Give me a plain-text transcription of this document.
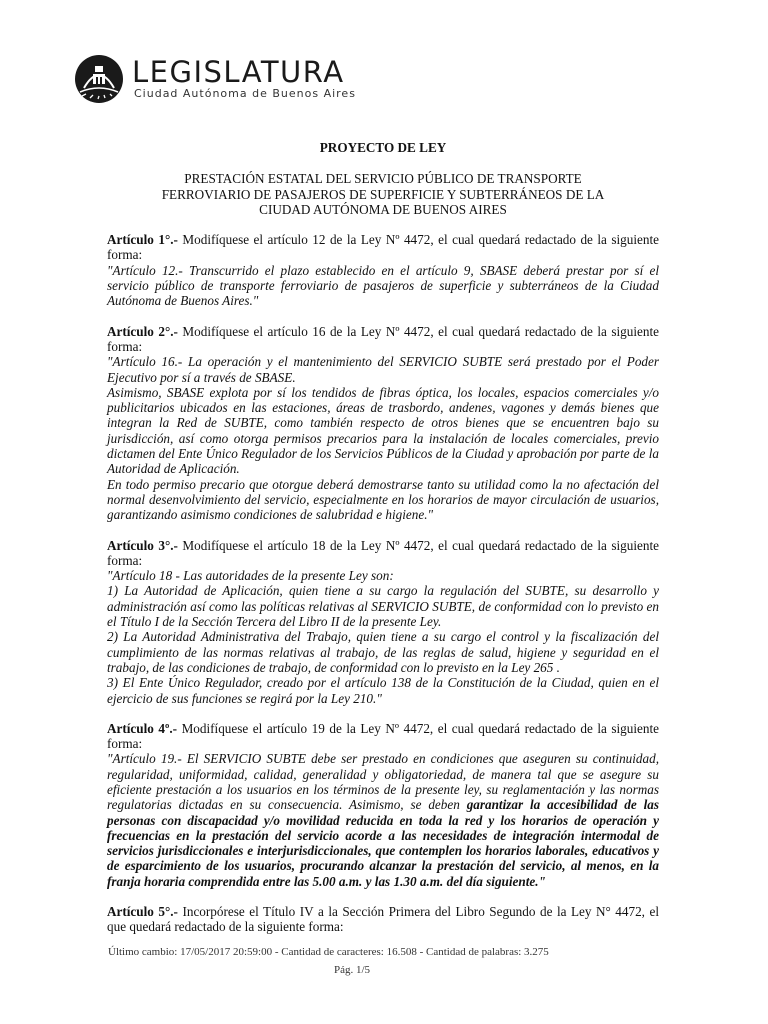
LEGISLATURA
Ciudad Autónoma de Buenos Aires
PROYECTO DE LEY
PRESTACIÓN ESTATAL DEL SERVICIO PÚBLICO DE TRANSPORTE
FERROVIARIO DE PASAJEROS DE SUPERFICIE Y SUBTERRÁNEOS DE LA
CIUDAD AUTÓNOMA DE BUENOS AIRES

Artículo 1°.- Modifíquese el artículo 12 de la Ley Nº 4472, el cual quedará redactado de la siguiente forma:

"Artículo 12.- Transcurrido el plazo establecido en el artículo 9, SBASE deberá prestar por sí el servicio público de transporte ferroviario de pasajeros de superficie y subterráneos de la Ciudad Autónoma de Buenos Aires."

Artículo 2°.- Modifíquese el artículo 16 de la Ley Nº 4472, el cual quedará redactado de la siguiente forma:

"Artículo 16.- La operación y el mantenimiento del SERVICIO SUBTE será prestado por el Poder Ejecutivo por sí a través de SBASE.

Asimismo, SBASE explota por sí los tendidos de fibras óptica, los locales, espacios comerciales y/o publicitarios ubicados en las estaciones, áreas de trasbordo, andenes, vagones y demás bienes que integran la Red de SUBTE, como también respecto de otros bienes que se encuentren bajo su jurisdicción, así como otorga permisos precarios para la instalación de locales comerciales, previo dictamen del Ente Único Regulador de los Servicios Públicos de la Ciudad y aprobación por parte de la Autoridad de Aplicación.

En todo permiso precario que otorgue deberá demostrarse tanto su utilidad como la no afectación del normal desenvolvimiento del servicio, especialmente en los horarios de mayor circulación de usuarios, garantizando asimismo condiciones de salubridad e higiene."

Artículo 3°.- Modifíquese el artículo 18 de la Ley Nº 4472, el cual quedará redactado de la siguiente forma:

"Artículo 18 - Las autoridades de la presente Ley son:

1) La Autoridad de Aplicación, quien tiene a su cargo la regulación del SUBTE, su desarrollo y administración así como las políticas relativas al SERVICIO SUBTE, de conformidad con lo previsto en el Título I de la Sección Tercera del Libro II de la presente Ley.

2) La Autoridad Administrativa del Trabajo, quien tiene a su cargo el control y la fiscalización del cumplimiento de las normas relativas al trabajo, de las reglas de salud, higiene y seguridad en el trabajo, de las condiciones de trabajo, de conformidad con lo previsto en la Ley 265 .

3) El Ente Único Regulador, creado por el artículo 138 de la Constitución de la Ciudad, quien en el ejercicio de sus funciones se regirá por la Ley 210."

Artículo 4º.- Modifíquese el artículo 19 de la Ley Nº 4472, el cual quedará redactado de la siguiente forma:

"Artículo 19.- El SERVICIO SUBTE debe ser prestado en condiciones que aseguren su continuidad, regularidad, uniformidad, calidad, generalidad y obligatoriedad, de manera tal que se asegure su eficiente prestación a los usuarios en los términos de la presente ley, su reglamentación y las normas regulatorias dictadas en su consecuencia. Asimismo, se deben garantizar la accesibilidad de las personas con discapacidad y/o movilidad reducida en toda la red y los horarios de operación y frecuencias en la prestación del servicio acorde a las necesidades de integración intermodal de servicios jurisdiccionales e interjurisdiccionales, que contemplen los horarios laborales, educativos y de esparcimiento de los usuarios, procurando alcanzar la prestación del servicio, al menos, en la franja horaria comprendida entre las 5.00 a.m. y las 1.30 a.m. del día siguiente."

Artículo 5°.- Incorpórese el Título IV a la Sección Primera del Libro Segundo de la Ley N° 4472, el que quedará redactado de la siguiente forma:

Último cambio: 17/05/2017 20:59:00 - Cantidad de caracteres: 16.508 - Cantidad de palabras: 3.275
Pág. 1/5
